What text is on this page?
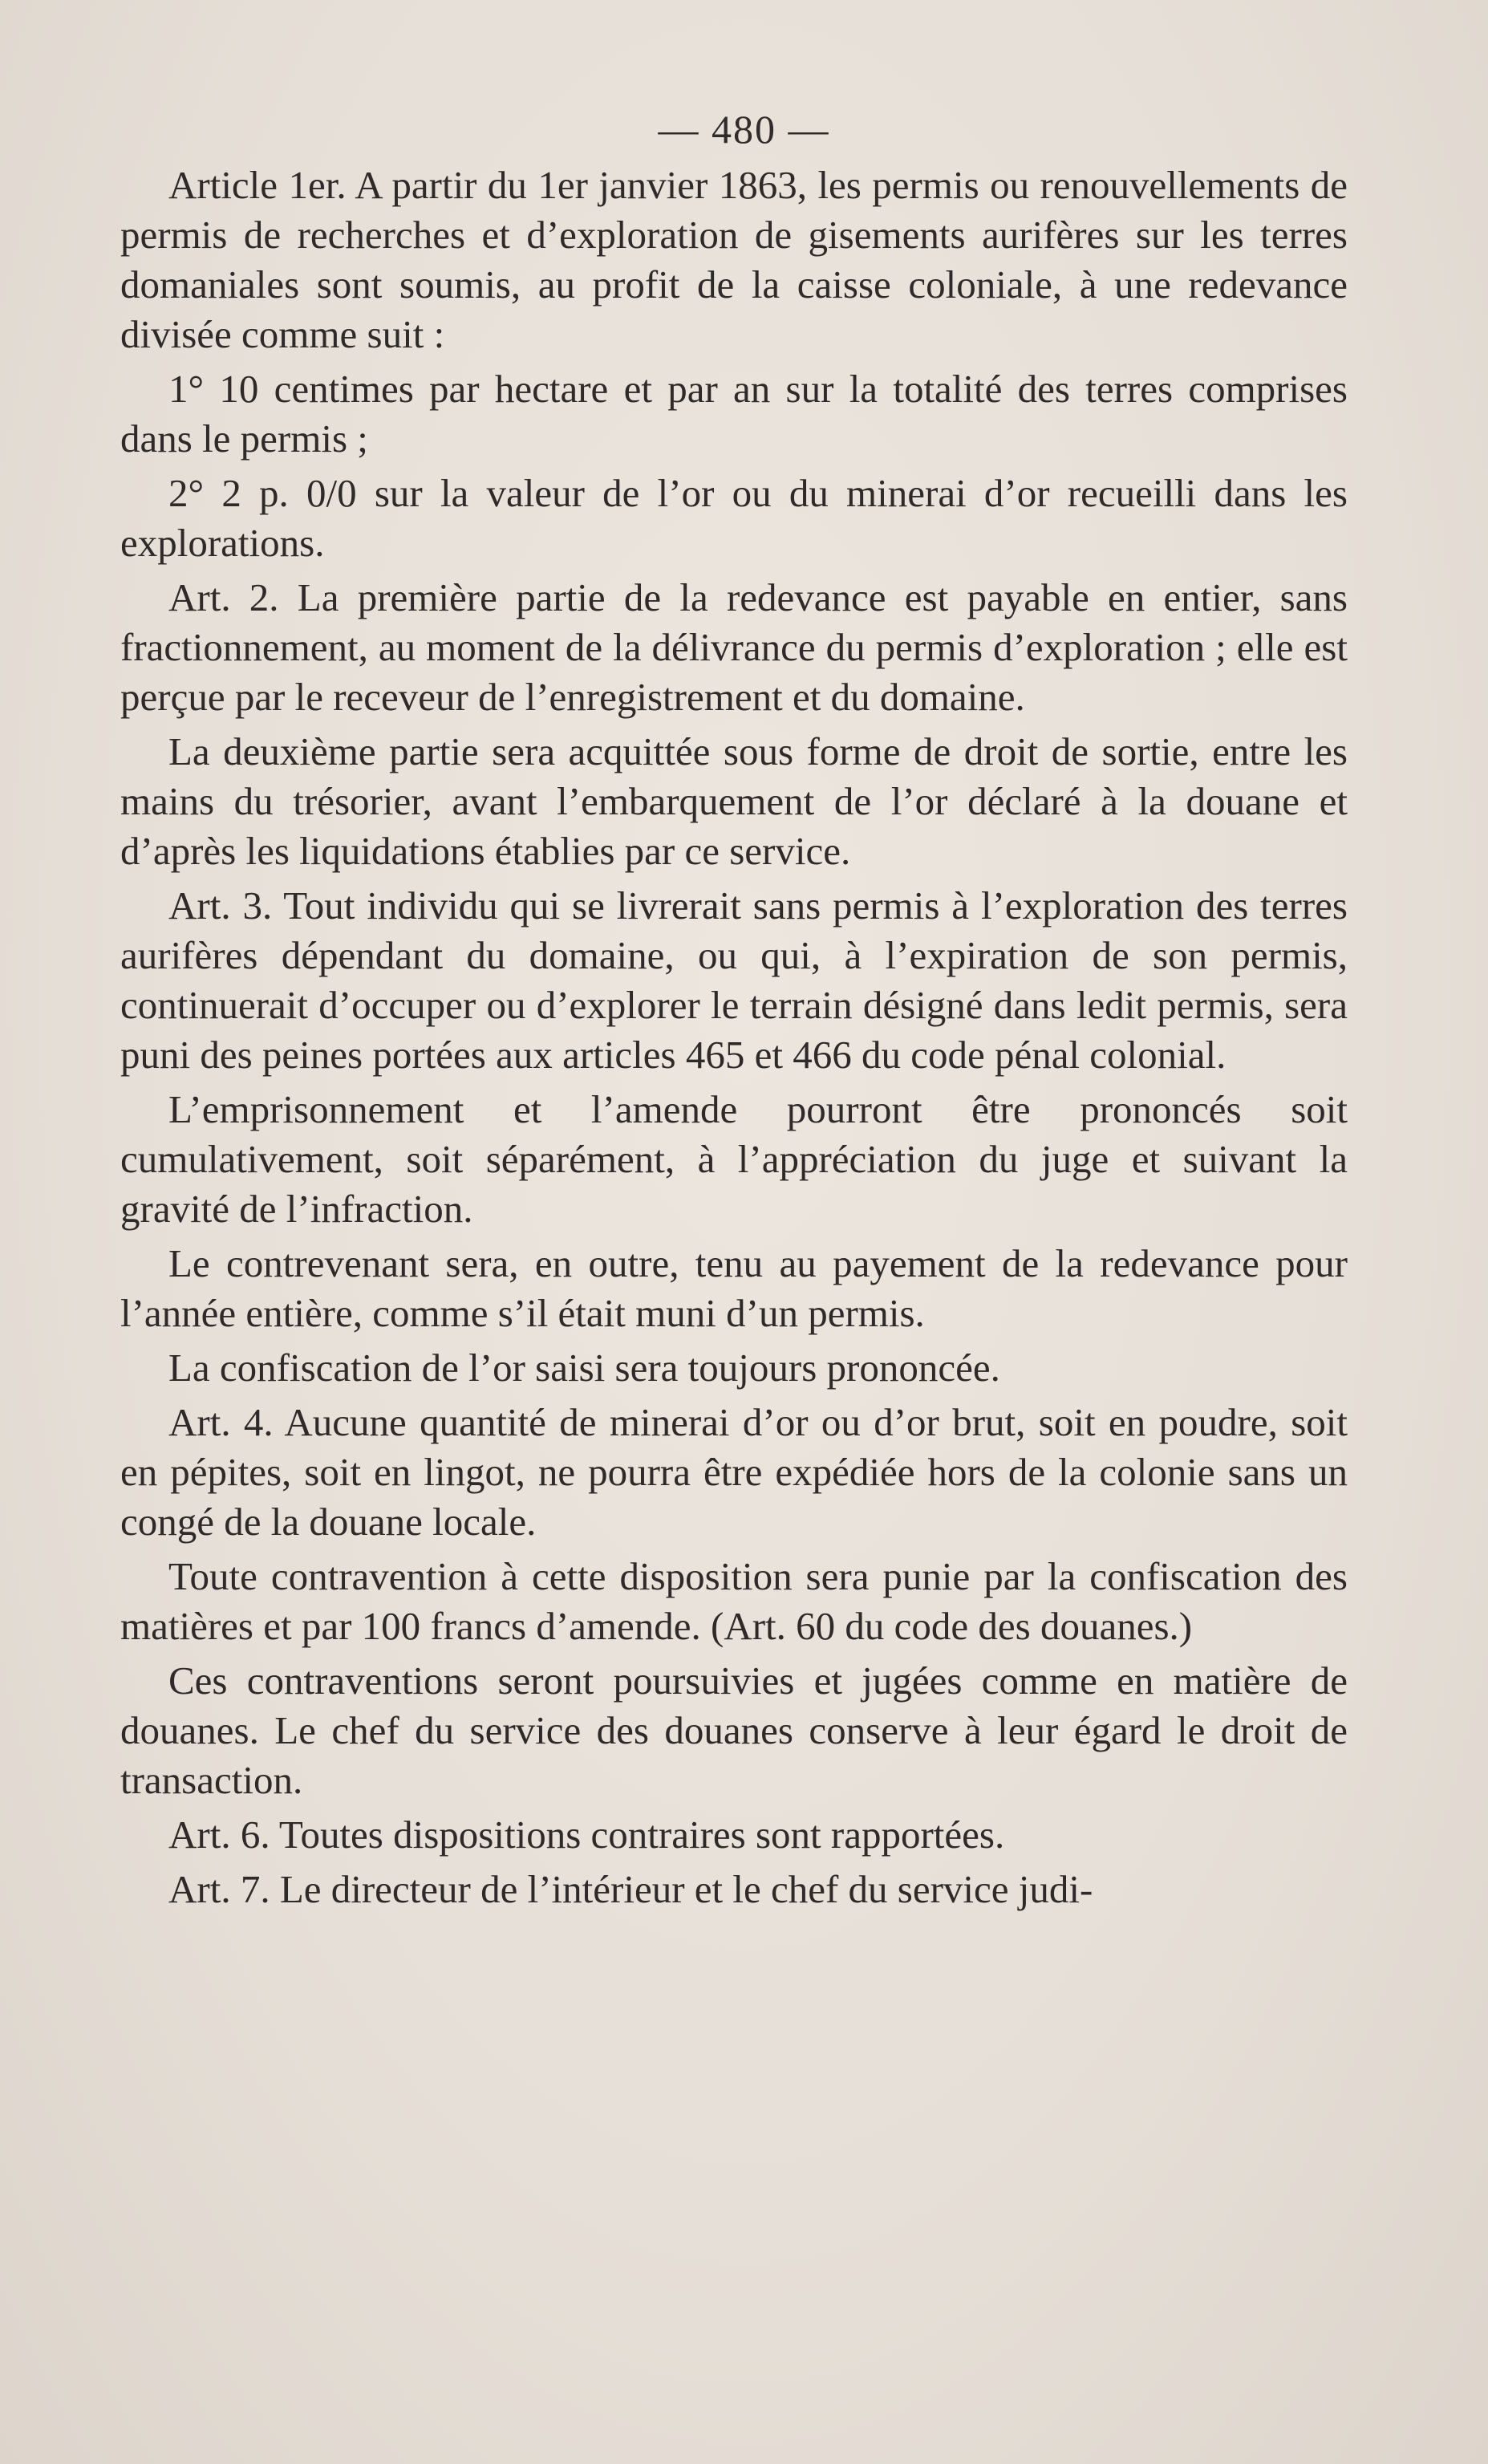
— 480 —

Article 1er. A partir du 1er janvier 1863, les permis ou renouvellements de permis de recherches et d’exploration de gisements aurifères sur les terres domaniales sont soumis, au profit de la caisse coloniale, à une redevance divisée comme suit :

1° 10 centimes par hectare et par an sur la totalité des terres comprises dans le permis ;

2° 2 p. 0/0 sur la valeur de l’or ou du minerai d’or recueilli dans les explorations.

Art. 2. La première partie de la redevance est payable en entier, sans fractionnement, au moment de la délivrance du permis d’exploration ; elle est perçue par le receveur de l’enregistrement et du domaine.

La deuxième partie sera acquittée sous forme de droit de sortie, entre les mains du trésorier, avant l’embarquement de l’or déclaré à la douane et d’après les liquidations établies par ce service.

Art. 3. Tout individu qui se livrerait sans permis à l’exploration des terres aurifères dépendant du domaine, ou qui, à l’expiration de son permis, continuerait d’occuper ou d’explorer le terrain désigné dans ledit permis, sera puni des peines portées aux articles 465 et 466 du code pénal colonial.

L’emprisonnement et l’amende pourront être prononcés soit cumulativement, soit séparément, à l’appréciation du juge et suivant la gravité de l’infraction.

Le contrevenant sera, en outre, tenu au payement de la redevance pour l’année entière, comme s’il était muni d’un permis.

La confiscation de l’or saisi sera toujours prononcée.

Art. 4. Aucune quantité de minerai d’or ou d’or brut, soit en poudre, soit en pépites, soit en lingot, ne pourra être expédiée hors de la colonie sans un congé de la douane locale.

Toute contravention à cette disposition sera punie par la confiscation des matières et par 100 francs d’amende. (Art. 60 du code des douanes.)

Ces contraventions seront poursuivies et jugées comme en matière de douanes. Le chef du service des douanes conserve à leur égard le droit de transaction.

Art. 6. Toutes dispositions contraires sont rapportées.

Art. 7. Le directeur de l’intérieur et le chef du service judi-
